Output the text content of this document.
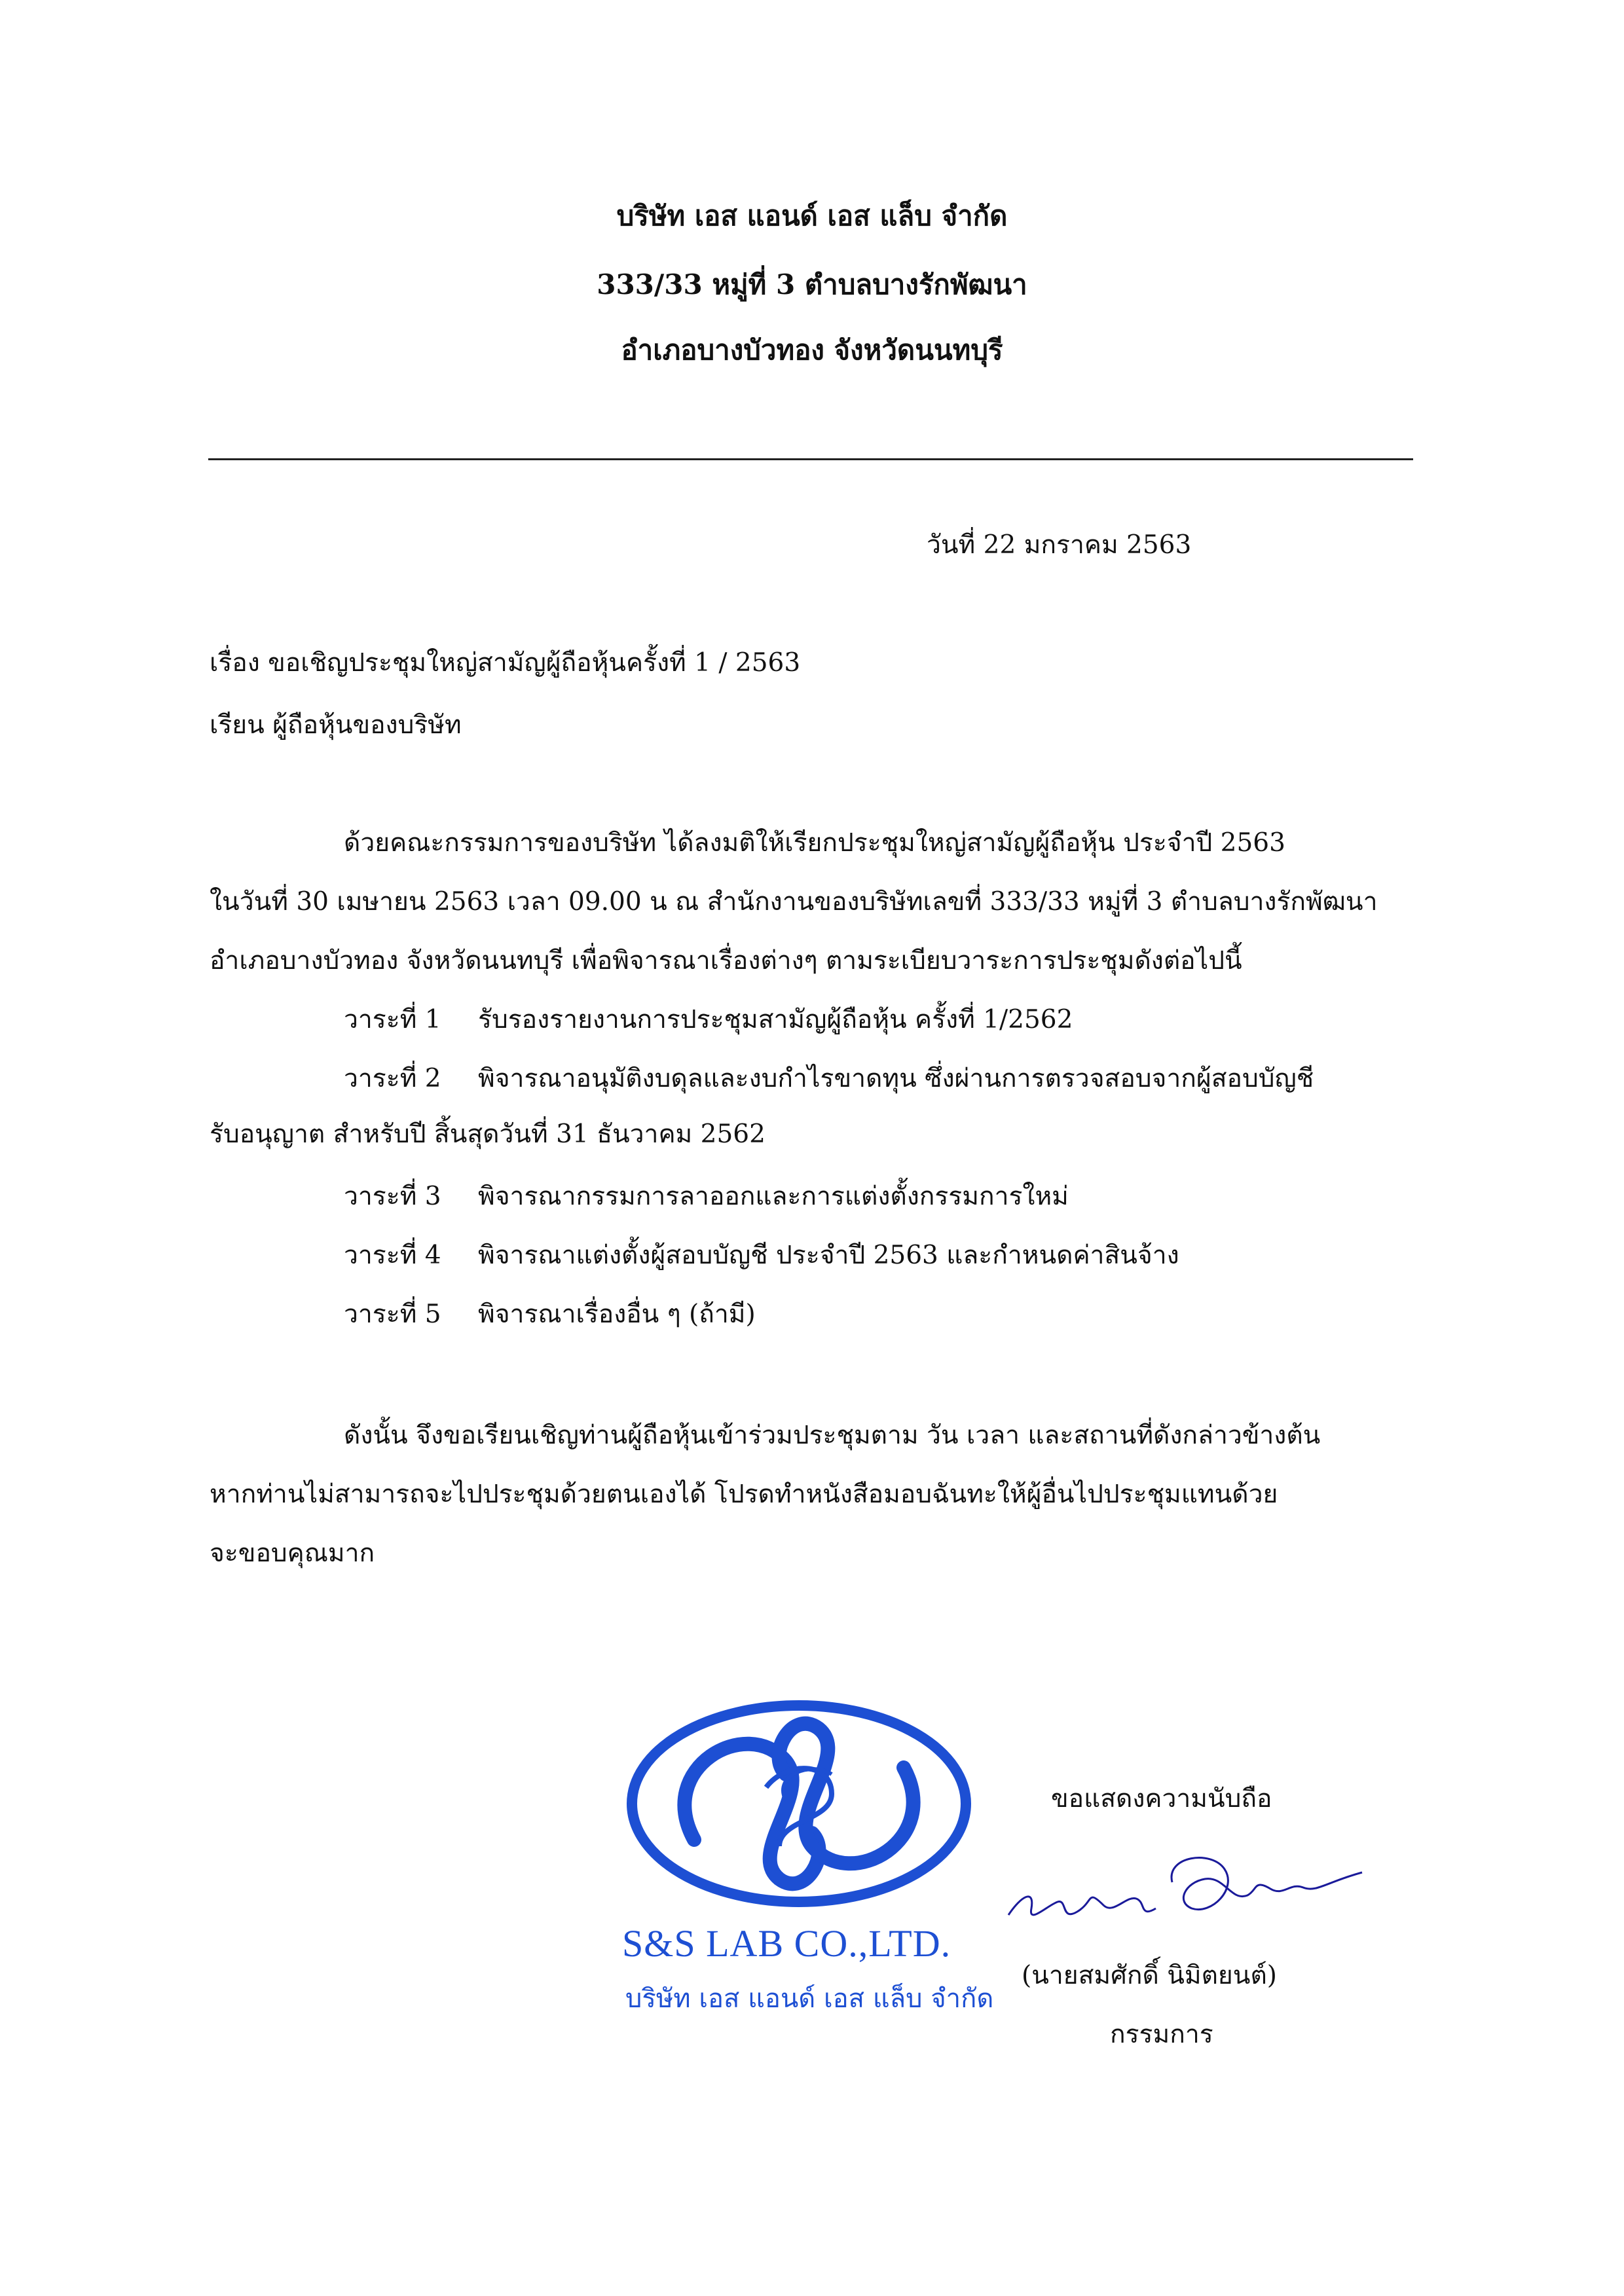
บริษัท เอส แอนด์ เอส แล็บ จำกัด
333/33 หมู่ที่ 3 ตำบลบางรักพัฒนา
อำเภอบางบัวทอง จังหวัดนนทบุรี
วันที่ 22 มกราคม 2563
เรื่อง ขอเชิญประชุมใหญ่สามัญผู้ถือหุ้นครั้งที่ 1 / 2563
เรียน ผู้ถือหุ้นของบริษัท
ด้วยคณะกรรมการของบริษัท ได้ลงมติให้เรียกประชุมใหญ่สามัญผู้ถือหุ้น ประจำปี 2563
ในวันที่ 30 เมษายน 2563 เวลา 09.00 น ณ สำนักงานของบริษัทเลขที่ 333/33 หมู่ที่ 3 ตำบลบางรักพัฒนา
อำเภอบางบัวทอง จังหวัดนนทบุรี เพื่อพิจารณาเรื่องต่างๆ ตามระเบียบวาระการประชุมดังต่อไปนี้
วาระที่ 1 รับรองรายงานการประชุมสามัญผู้ถือหุ้น ครั้งที่ 1/2562
วาระที่ 2 พิจารณาอนุมัติงบดุลและงบกำไรขาดทุน ซึ่งผ่านการตรวจสอบจากผู้สอบบัญชี
รับอนุญาต สำหรับปี สิ้นสุดวันที่ 31 ธันวาคม 2562
วาระที่ 3 พิจารณากรรมการลาออกและการแต่งตั้งกรรมการใหม่
วาระที่ 4 พิจารณาแต่งตั้งผู้สอบบัญชี ประจำปี 2563 และกำหนดค่าสินจ้าง
วาระที่ 5 พิจารณาเรื่องอื่น ๆ (ถ้ามี)
ดังนั้น จึงขอเรียนเชิญท่านผู้ถือหุ้นเข้าร่วมประชุมตาม วัน เวลา และสถานที่ดังกล่าวข้างต้น
หากท่านไม่สามารถจะไปประชุมด้วยตนเองได้ โปรดทำหนังสือมอบฉันทะให้ผู้อื่นไปประชุมแทนด้วย
จะขอบคุณมาก
S&S LAB CO.,LTD.
บริษัท เอส แอนด์ เอส แล็บ จำกัด
ขอแสดงความนับถือ
(นายสมศักดิ์ นิมิตยนต์)
กรรมการ
